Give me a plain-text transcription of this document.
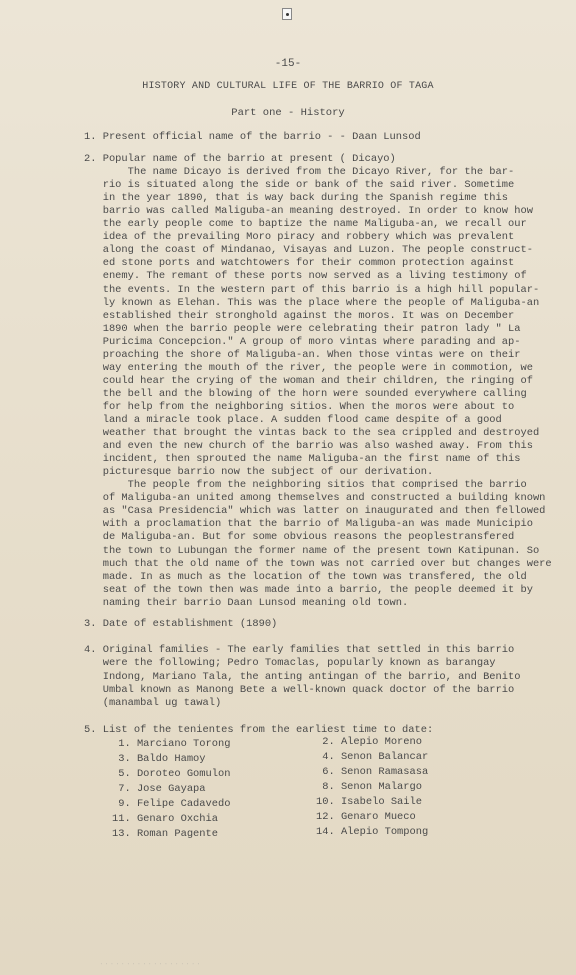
-15-
HISTORY AND CULTURAL LIFE OF THE BARRIO OF TAGA
Part one - History
1. Present official name of the barrio - - Daan Lunsod
2. Popular name of the barrio at present ( Dicayo)
The name Dicayo is derived from the Dicayo River, for the bar-
rio is situated along the side or bank of the said river. Sometime
in the year 1890, that is way back during the Spanish regime this
barrio was called Maliguba-an meaning destroyed. In order to know how
the early people come to baptize the name Maliguba-an, we recall our
idea of the prevailing Moro piracy and robbery which was prevalent
along the coast of Mindanao, Visayas and Luzon. The people construct-
ed stone ports and watchtowers for their common protection against
enemy. The remant of these ports now served as a living testimony of
the events. In the western part of this barrio is a high hill popular-
ly known as Elehan. This was the place where the people of Maliguba-an
established their stronghold against the moros. It was on December
1890 when the barrio people were celebrating their patron lady " La
Puricima Concepcion." A group of moro vintas where parading and ap-
proaching the shore of Maliguba-an. When those vintas were on their
way entering the mouth of the river, the people were in commotion, we
could hear the crying of the woman and their children, the ringing of
the bell and the blowing of the horn were sounded everywhere calling
for help from the neighboring sitios. When the moros were about to
land a miracle took place. A sudden flood came despite of a good
weather that brought the vintas back to the sea crippled and destroyed
and even the new church of the barrio was also washed away. From this
incident, then sprouted the name Maliguba-an the first name of this
picturesque barrio now the subject of our derivation.
The people from the neighboring sitios that comprised the barrio
of Maliguba-an united among themselves and constructed a building known
as "Casa Presidencia" which was latter on inaugurated and then fellowed
with a proclamation that the barrio of Maliguba-an was made Municipio
de Maliguba-an. But for some obvious reasons the peoplestransfered
the town to Lubungan the former name of the present town Katipunan. So
much that the old name of the town was not carried over but changes were
made. In as much as the location of the town was transfered, the old
seat of the town then was made into a barrio, the people deemed it by
naming their barrio Daan Lunsod meaning old town.
3. Date of establishment (1890)
4. Original families - The early families that settled in this barrio
were the following; Pedro Tomaclas, popularly known as barangay
Indong, Mariano Tala, the anting antingan of the barrio, and Benito
Umbal known as Manong Bete a well-known quack doctor of the barrio
(manambal ug tawal)
5. List of the tenientes from the earliest time to date:
1. Marciano Torong
3. Baldo Hamoy
5. Doroteo Gomulon
7. Jose Gayapa
9. Felipe Cadavedo
11. Genaro Oxchia
13. Roman Pagente
2. Alepio Moreno
4. Senon Balancar
6. Senon Ramasasa
8. Senon Malargo
10. Isabelo Saile
12. Genaro Mueco
14. Alepio Tompong
· · · · · · · · · · · · · · · · · · ·
